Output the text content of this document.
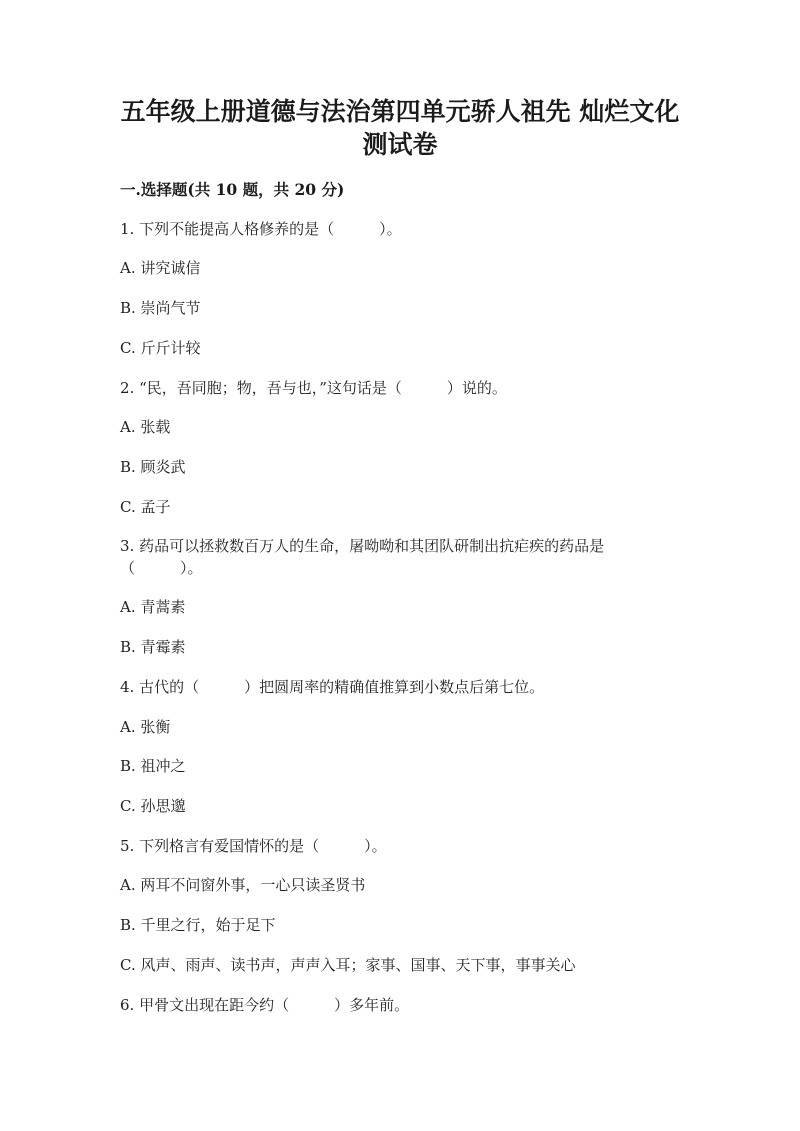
五年级上册道德与法治第四单元骄人祖先 灿烂文化
测试卷
一.选择题(共 10 题，共 20 分)

1. 下列不能提高人格修养的是（　　　）。

A. 讲究诚信

B. 崇尚气节

C. 斤斤计较

2. “民，吾同胞；物，吾与也，”这句话是（　　　）说的。

A. 张载

B. 顾炎武

C. 孟子

3. 药品可以拯救数百万人的生命，屠呦呦和其团队研制出抗疟疾的药品是

（　　　）。

A. 青蒿素

B. 青霉素

4. 古代的（　　　）把圆周率的精确值推算到小数点后第七位。

A. 张衡

B. 祖冲之

C. 孙思邈

5. 下列格言有爱国情怀的是（　　　）。

A. 两耳不问窗外事，一心只读圣贤书

B. 千里之行，始于足下

C. 风声、雨声、读书声，声声入耳；家事、国事、天下事，事事关心

6. 甲骨文出现在距今约（　　　）多年前。
